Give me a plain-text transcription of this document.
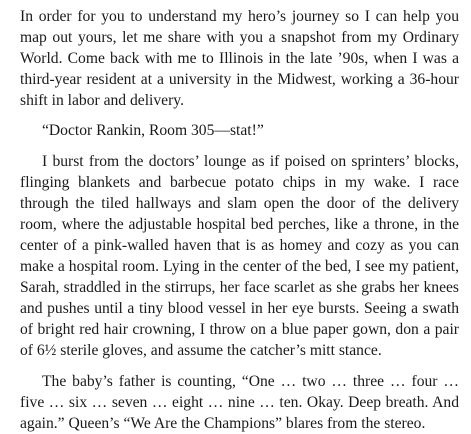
In order for you to understand my hero’s journey so I can help you map out yours, let me share with you a snapshot from my Ordinary World. Come back with me to Illinois in the late ’90s, when I was a third-year resident at a university in the Midwest, working a 36-hour shift in labor and delivery.

“Doctor Rankin, Room 305—stat!”

I burst from the doctors’ lounge as if poised on sprinters’ blocks, flinging blankets and barbecue potato chips in my wake. I race through the tiled hallways and slam open the door of the delivery room, where the adjustable hospital bed perches, like a throne, in the center of a pink-walled haven that is as homey and cozy as you can make a hospital room. Lying in the center of the bed, I see my patient, Sarah, straddled in the stirrups, her face scarlet as she grabs her knees and pushes until a tiny blood vessel in her eye bursts. Seeing a swath of bright red hair crowning, I throw on a blue paper gown, don a pair of 6½ sterile gloves, and assume the catcher’s mitt stance.

The baby’s father is counting, “One … two … three … four … five … six … seven … eight … nine … ten. Okay. Deep breath. And again.” Queen’s “We Are the Champions” blares from the stereo.
